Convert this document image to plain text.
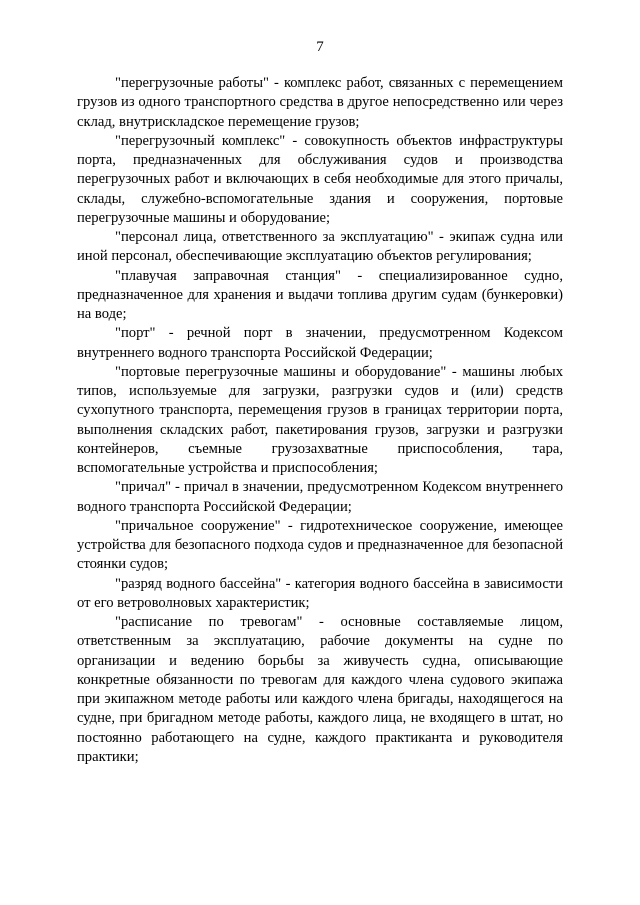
7

"перегрузочные работы" - комплекс работ, связанных с перемещением грузов из одного транспортного средства в другое непосредственно или через склад, внутрискладское перемещение грузов;

"перегрузочный комплекс" - совокупность объектов инфраструктуры порта, предназначенных для обслуживания судов и производства перегрузочных работ и включающих в себя необходимые для этого причалы, склады, служебно-вспомогательные здания и сооружения, портовые перегрузочные машины и оборудование;

"персонал лица, ответственного за эксплуатацию" - экипаж судна или иной персонал, обеспечивающие эксплуатацию объектов регулирования;

"плавучая заправочная станция" - специализированное судно, предназначенное для хранения и выдачи топлива другим судам (бункеровки) на воде;

"порт" - речной порт в значении, предусмотренном Кодексом внутреннего водного транспорта Российской Федерации;

"портовые перегрузочные машины и оборудование" - машины любых типов, используемые для загрузки, разгрузки судов и (или) средств сухопутного транспорта, перемещения грузов в границах территории порта, выполнения складских работ, пакетирования грузов, загрузки и разгрузки контейнеров, съемные грузозахватные приспособления, тара, вспомогательные устройства и приспособления;

"причал" - причал в значении, предусмотренном Кодексом внутреннего водного транспорта Российской Федерации;

"причальное сооружение" - гидротехническое сооружение, имеющее устройства для безопасного подхода судов и предназначенное для безопасной стоянки судов;

"разряд водного бассейна" - категория водного бассейна в зависимости от его ветроволновых характеристик;

"расписание по тревогам" - основные составляемые лицом, ответственным за эксплуатацию, рабочие документы на судне по организации и ведению борьбы за живучесть судна, описывающие конкретные обязанности по тревогам для каждого члена судового экипажа при экипажном методе работы или каждого члена бригады, находящегося на судне, при бригадном методе работы, каждого лица, не входящего в штат, но постоянно работающего на судне, каждого практиканта и руководителя практики;
